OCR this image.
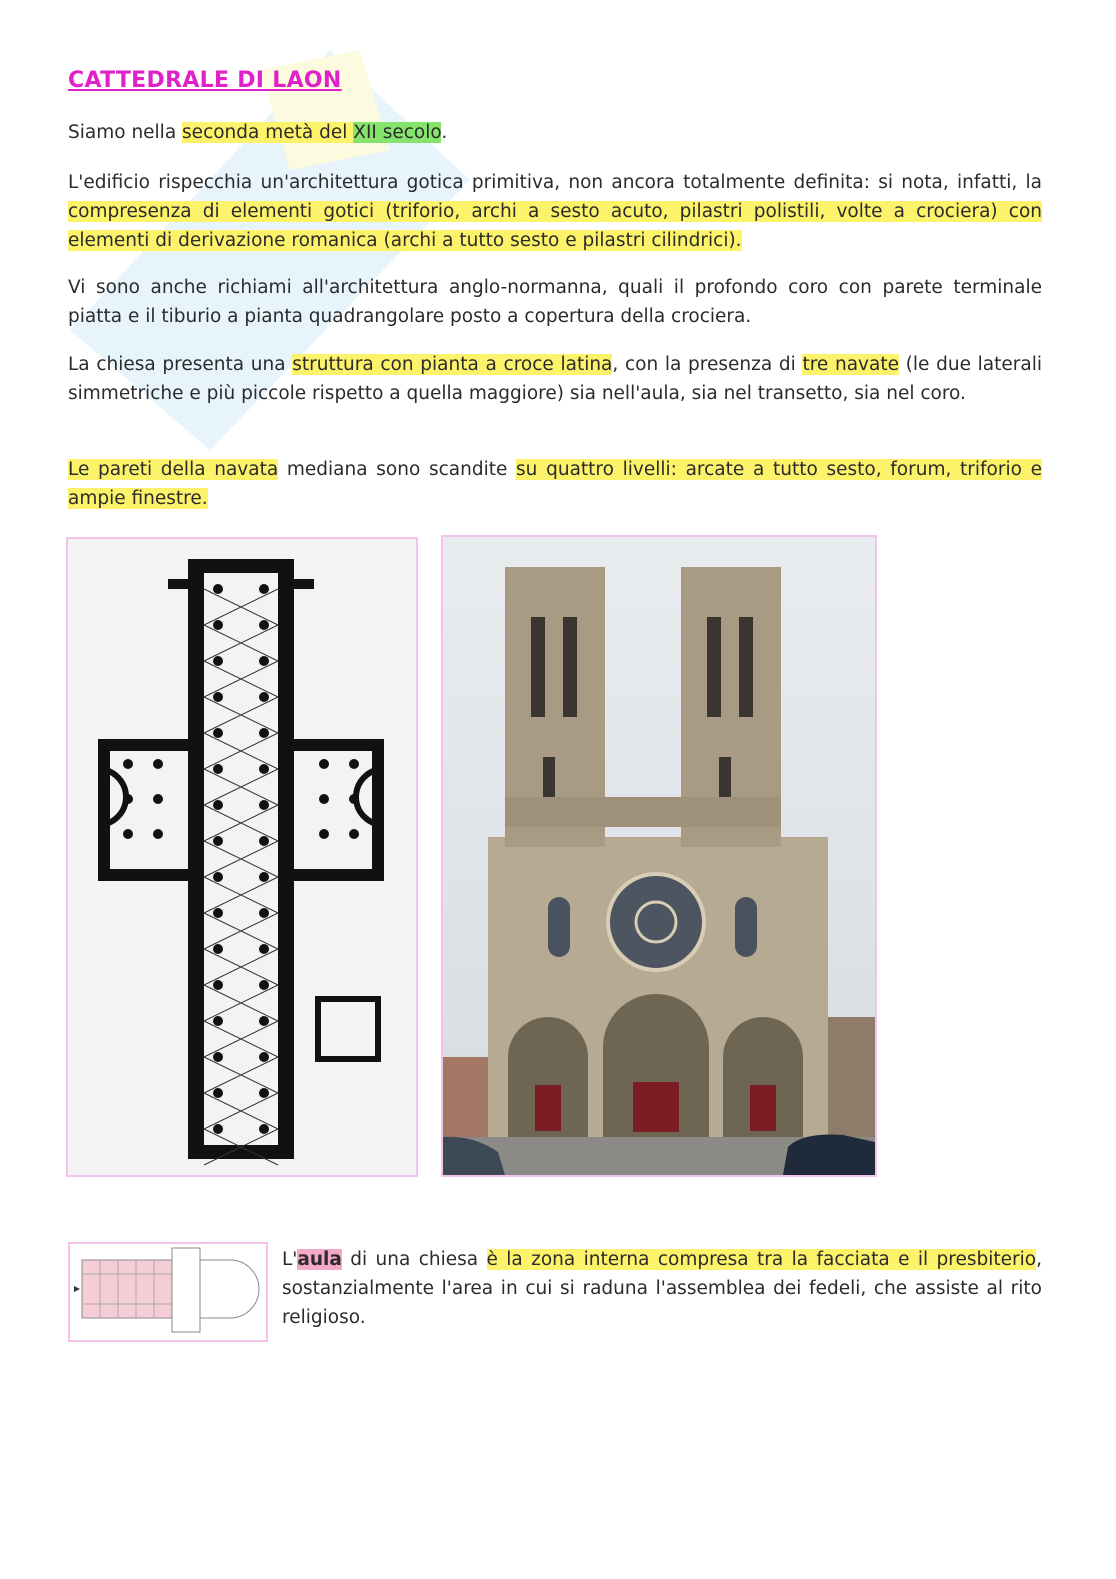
CATTEDRALE DI LAON

Siamo nella seconda metà del XII secolo.

L'edificio rispecchia un'architettura gotica primitiva, non ancora totalmente definita: si nota, infatti, la compresenza di elementi gotici (triforio, archi a sesto acuto, pilastri polistili, volte a crociera) con elementi di derivazione romanica (archi a tutto sesto e pilastri cilindrici).

Vi sono anche richiami all'architettura anglo-normanna, quali il profondo coro con parete terminale piatta e il tiburio a pianta quadrangolare posto a copertura della crociera.

La chiesa presenta una struttura con pianta a croce latina, con la presenza di tre navate (le due laterali simmetriche e più piccole rispetto a quella maggiore) sia nell'aula, sia nel transetto, sia nel coro.

Le pareti della navata mediana sono scandite su quattro livelli: arcate a tutto sesto, forum, triforio e ampie finestre.

L'aula di una chiesa è la zona interna compresa tra la facciata e il presbiterio, sostanzialmente l'area in cui si raduna l'assemblea dei fedeli, che assiste al rito religioso.
